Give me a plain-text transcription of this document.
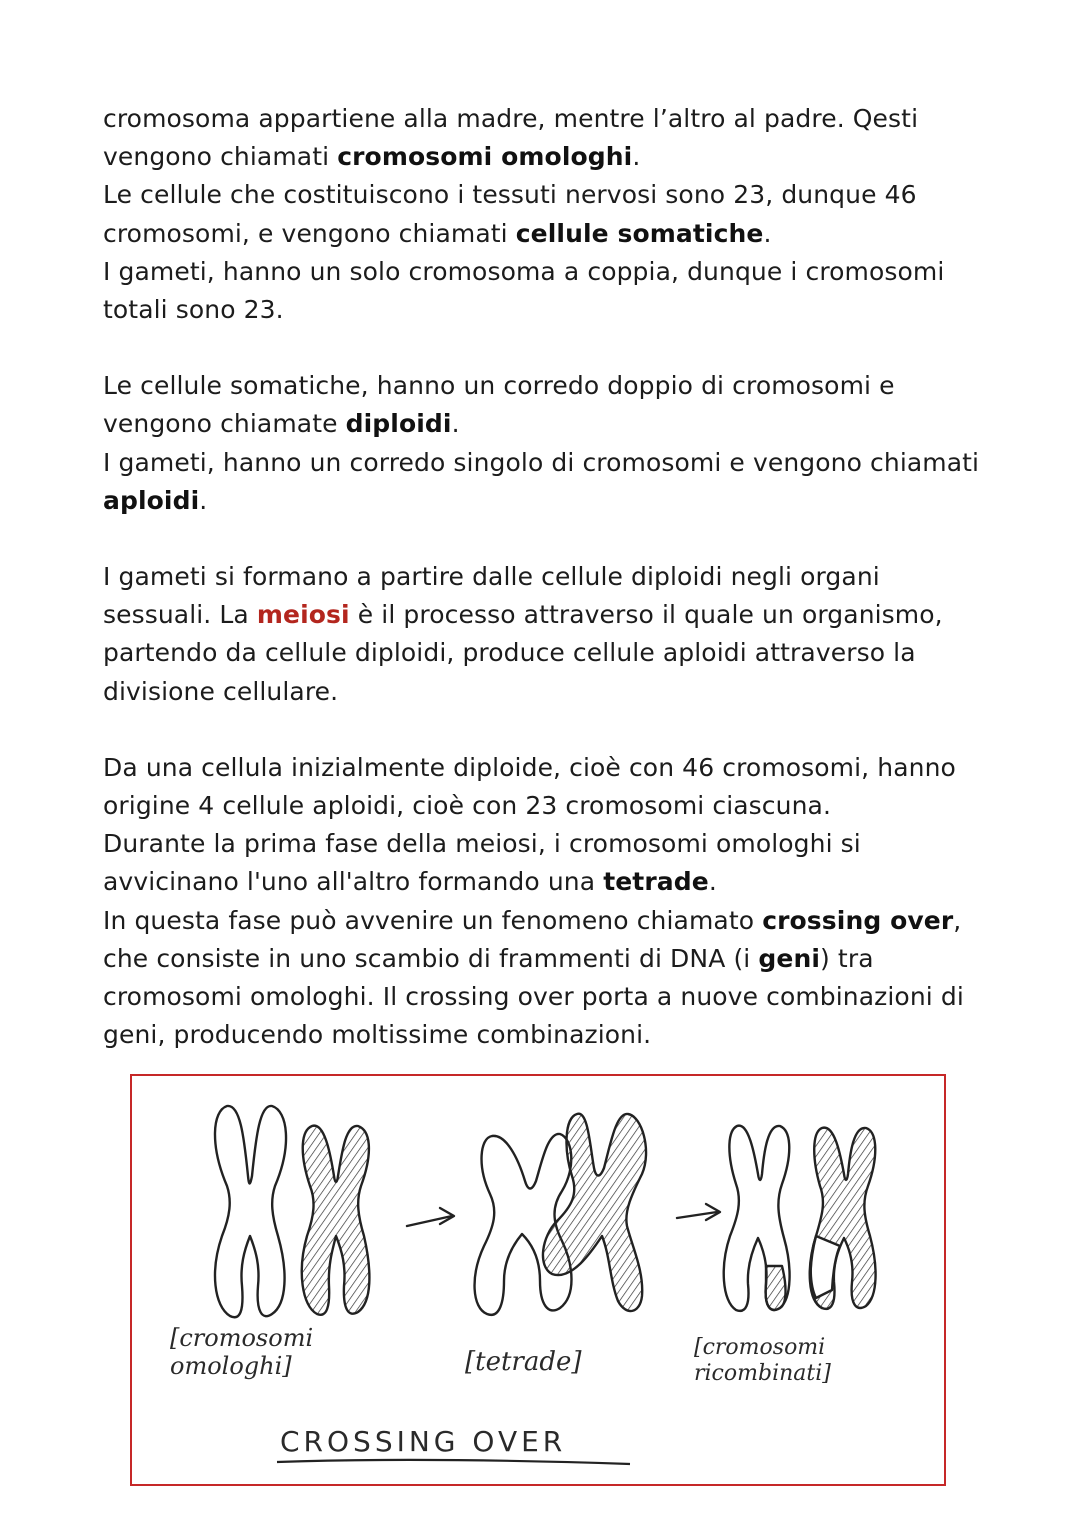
cromosoma appartiene alla madre, mentre l’altro al padre. Qesti vengono chiamati cromosomi omologhi.
Le cellule che costituiscono i tessuti nervosi sono 23, dunque 46 cromosomi, e vengono chiamati cellule somatiche.
I gameti, hanno un solo cromosoma a coppia, dunque i cromosomi totali sono 23.

Le cellule somatiche, hanno un corredo doppio di cromosomi e vengono chiamate diploidi.
I gameti, hanno un corredo singolo di cromosomi e vengono chiamati aploidi.

I gameti si formano a partire dalle cellule diploidi negli organi sessuali. La meiosi è il processo attraverso il quale un organismo, partendo da cellule diploidi, produce cellule aploidi attraverso la divisione cellulare.

Da una cellula inizialmente diploide, cioè con 46 cromosomi, hanno origine 4 cellule aploidi, cioè con 23 cromosomi ciascuna.
Durante la prima fase della meiosi, i cromosomi omologhi si avvicinano l'uno all'altro formando una tetrade.
In questa fase può avvenire un fenomeno chiamato crossing over, che consiste in uno scambio di frammenti di DNA (i geni) tra cromosomi omologhi. Il crossing over porta a nuove combinazioni di geni, producendo moltissime combinazioni.

[cromosomi
omologhi]	[tetrade]	[cromosomi
ricombinati]
CROSSING OVER
->
